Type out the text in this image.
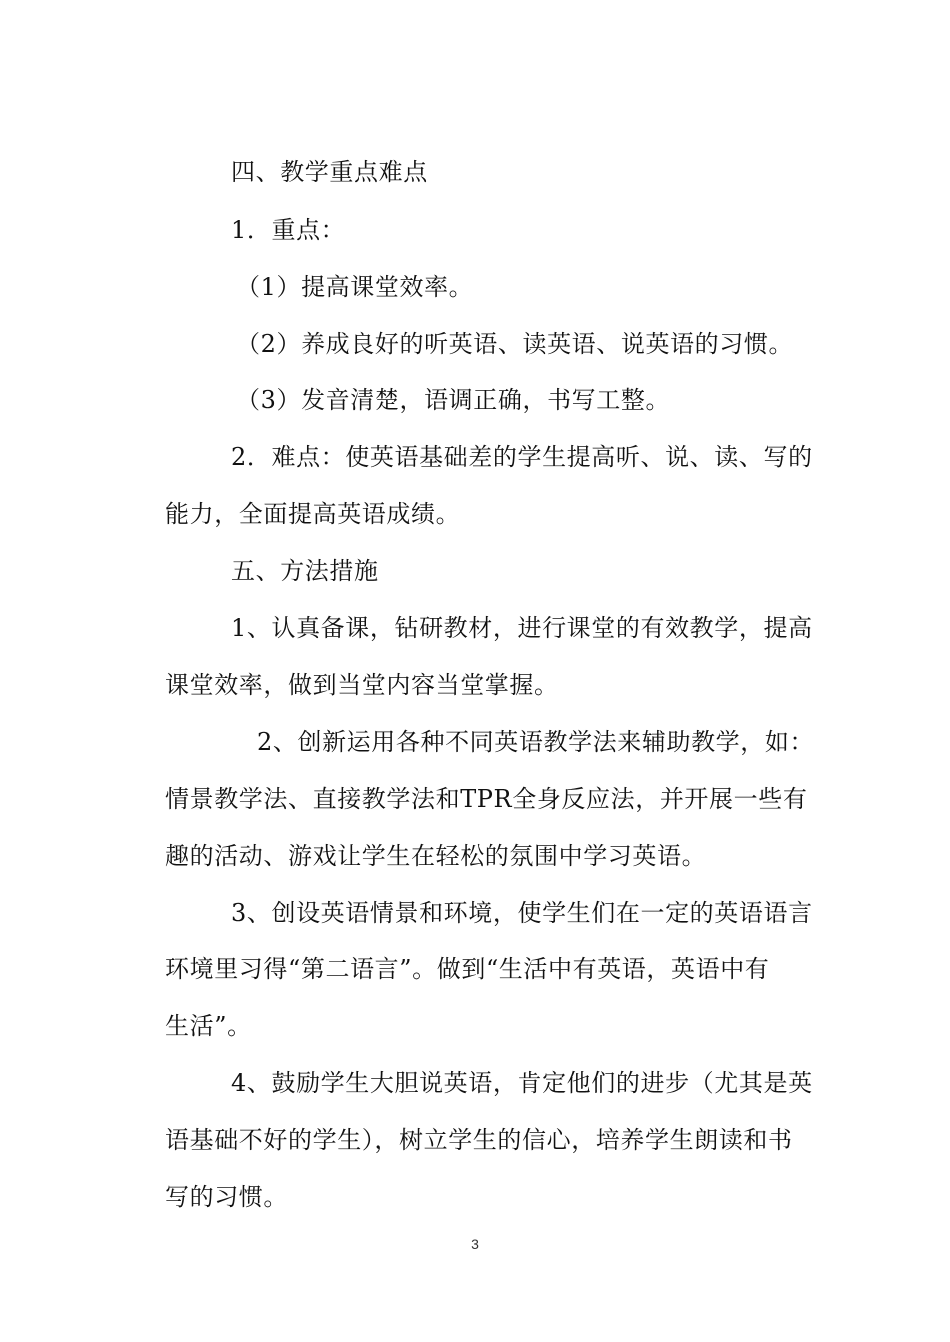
四、教学重点难点

1．重点：

（1）提高课堂效率。

（2）养成良好的听英语、读英语、说英语的习惯。

（3）发音清楚，语调正确，书写工整。

2．难点：使英语基础差的学生提高听、说、读、写的

能力，全面提高英语成绩。

五、方法措施

1、认真备课，钻研教材，进行课堂的有效教学，提高

课堂效率，做到当堂内容当堂掌握。

2、创新运用各种不同英语教学法来辅助教学，如：

情景教学法、直接教学法和TPR全身反应法，并开展一些有

趣的活动、游戏让学生在轻松的氛围中学习英语。

3、创设英语情景和环境，使学生们在一定的英语语言

环境里习得“第二语言”。做到“生活中有英语，英语中有

生活”。

4、鼓励学生大胆说英语，肯定他们的进步（尤其是英

语基础不好的学生），树立学生的信心，培养学生朗读和书

写的习惯。

3
